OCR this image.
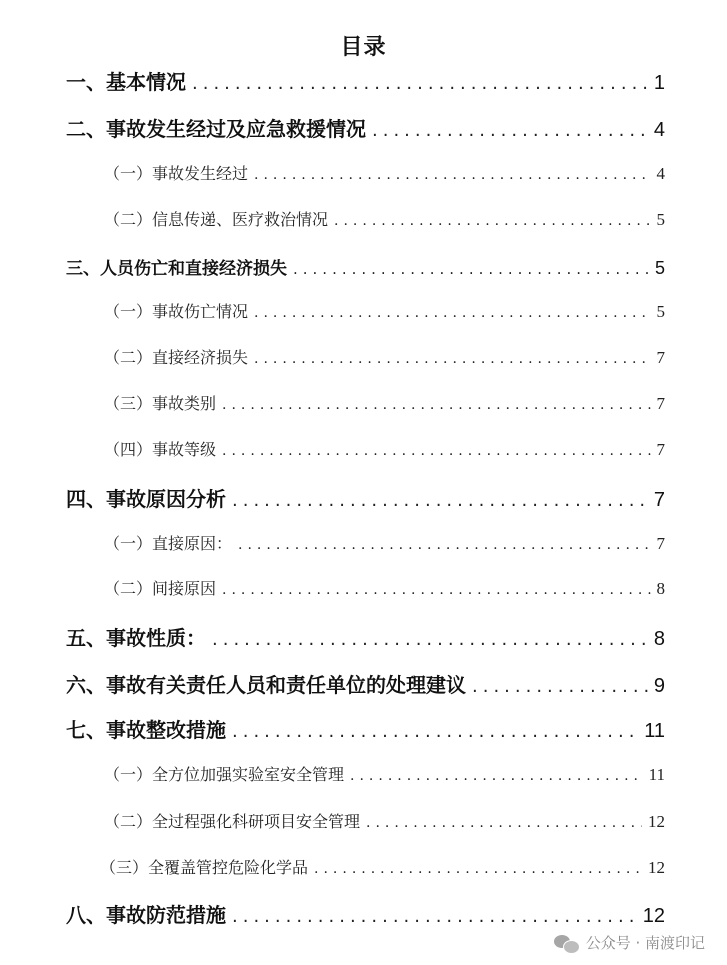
目录
一、基本情况 .....	1
二、事故发生经过及应急救援情况 .....	4
（一）事故发生经过 .....	4
（二）信息传递、医疗救治情况 .....	5
三、人员伤亡和直接经济损失 .....	5
（一）事故伤亡情况 .....	5
（二）直接经济损失 .....	7
（三）事故类别 .....	7
（四）事故等级 .....	7
四、事故原因分析 .....	7
（一）直接原因： .....	7
（二）间接原因 .....	8
五、事故性质： .....	8
六、事故有关责任人员和责任单位的处理建议 .....	9
七、事故整改措施 .....	11
（一）全方位加强实验室安全管理 .....	11
（二）全过程强化科研项目安全管理 .....	12
（三）全覆盖管控危险化学品 .....	12
八、事故防范措施 .....	12
公众号 · 南渡印记
